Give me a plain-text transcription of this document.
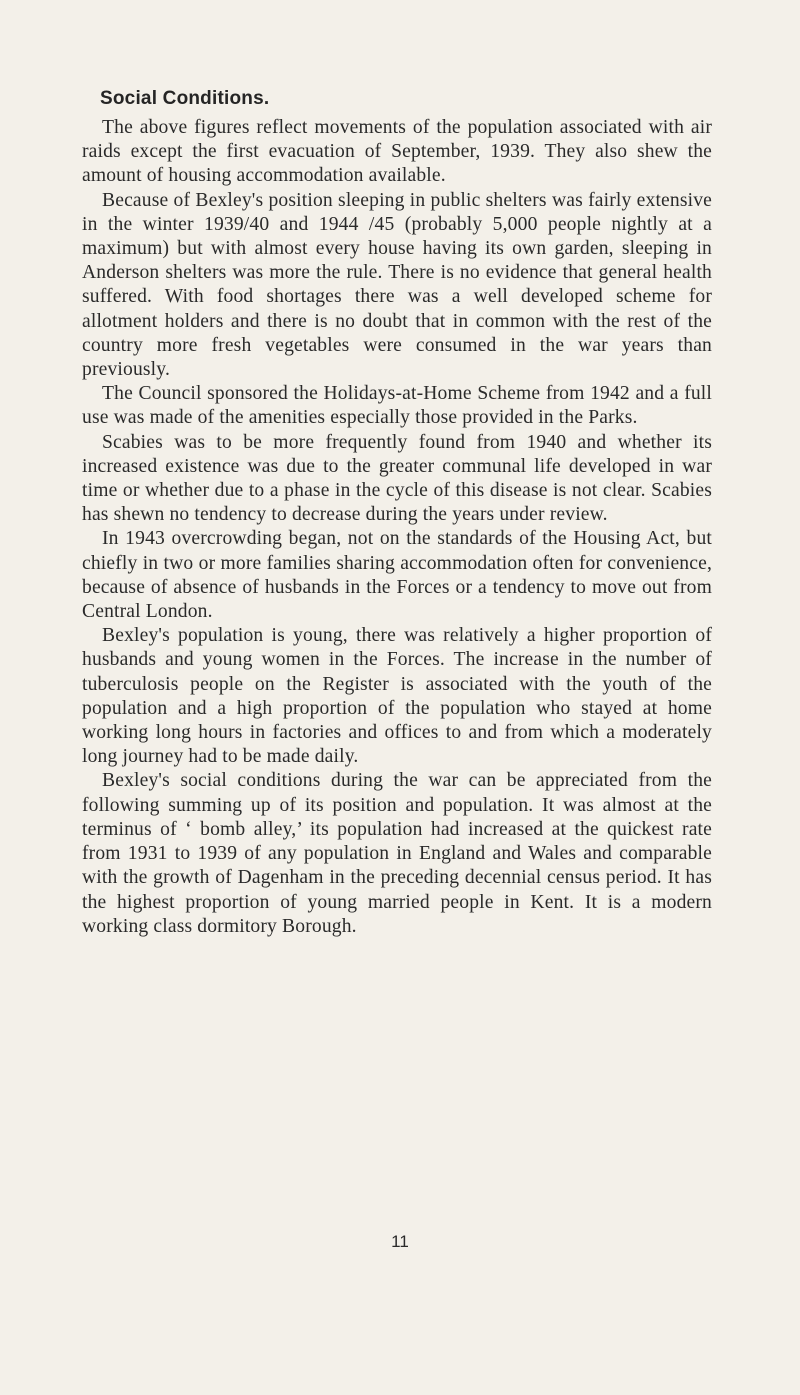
Social Conditions.

The above figures reflect movements of the population associated with air raids except the first evacuation of September, 1939. They also shew the amount of housing accommodation available.

Because of Bexley's position sleeping in public shelters was fairly extensive in the winter 1939/40 and 1944 /45 (probably 5,000 people nightly at a maximum) but with almost every house having its own garden, sleeping in Anderson shelters was more the rule. There is no evidence that general health suffered. With food shortages there was a well developed scheme for allotment holders and there is no doubt that in common with the rest of the country more fresh vegetables were consumed in the war years than previously.

The Council sponsored the Holidays-at-Home Scheme from 1942 and a full use was made of the amenities especially those provided in the Parks.

Scabies was to be more frequently found from 1940 and whether its increased existence was due to the greater communal life developed in war time or whether due to a phase in the cycle of this disease is not clear. Scabies has shewn no tendency to decrease during the years under review.

In 1943 overcrowding began, not on the standards of the Housing Act, but chiefly in two or more families sharing accommodation often for convenience, because of absence of husbands in the Forces or a tendency to move out from Central London.

Bexley's population is young, there was relatively a higher proportion of husbands and young women in the Forces. The increase in the number of tuberculosis people on the Register is associated with the youth of the population and a high proportion of the population who stayed at home working long hours in factories and offices to and from which a moderately long journey had to be made daily.

Bexley's social conditions during the war can be appreciated from the following summing up of its position and population. It was almost at the terminus of ‘ bomb alley,’ its population had increased at the quickest rate from 1931 to 1939 of any population in England and Wales and comparable with the growth of Dagenham in the preceding decennial census period. It has the highest proportion of young married people in Kent. It is a modern working class dormitory Borough.

11
